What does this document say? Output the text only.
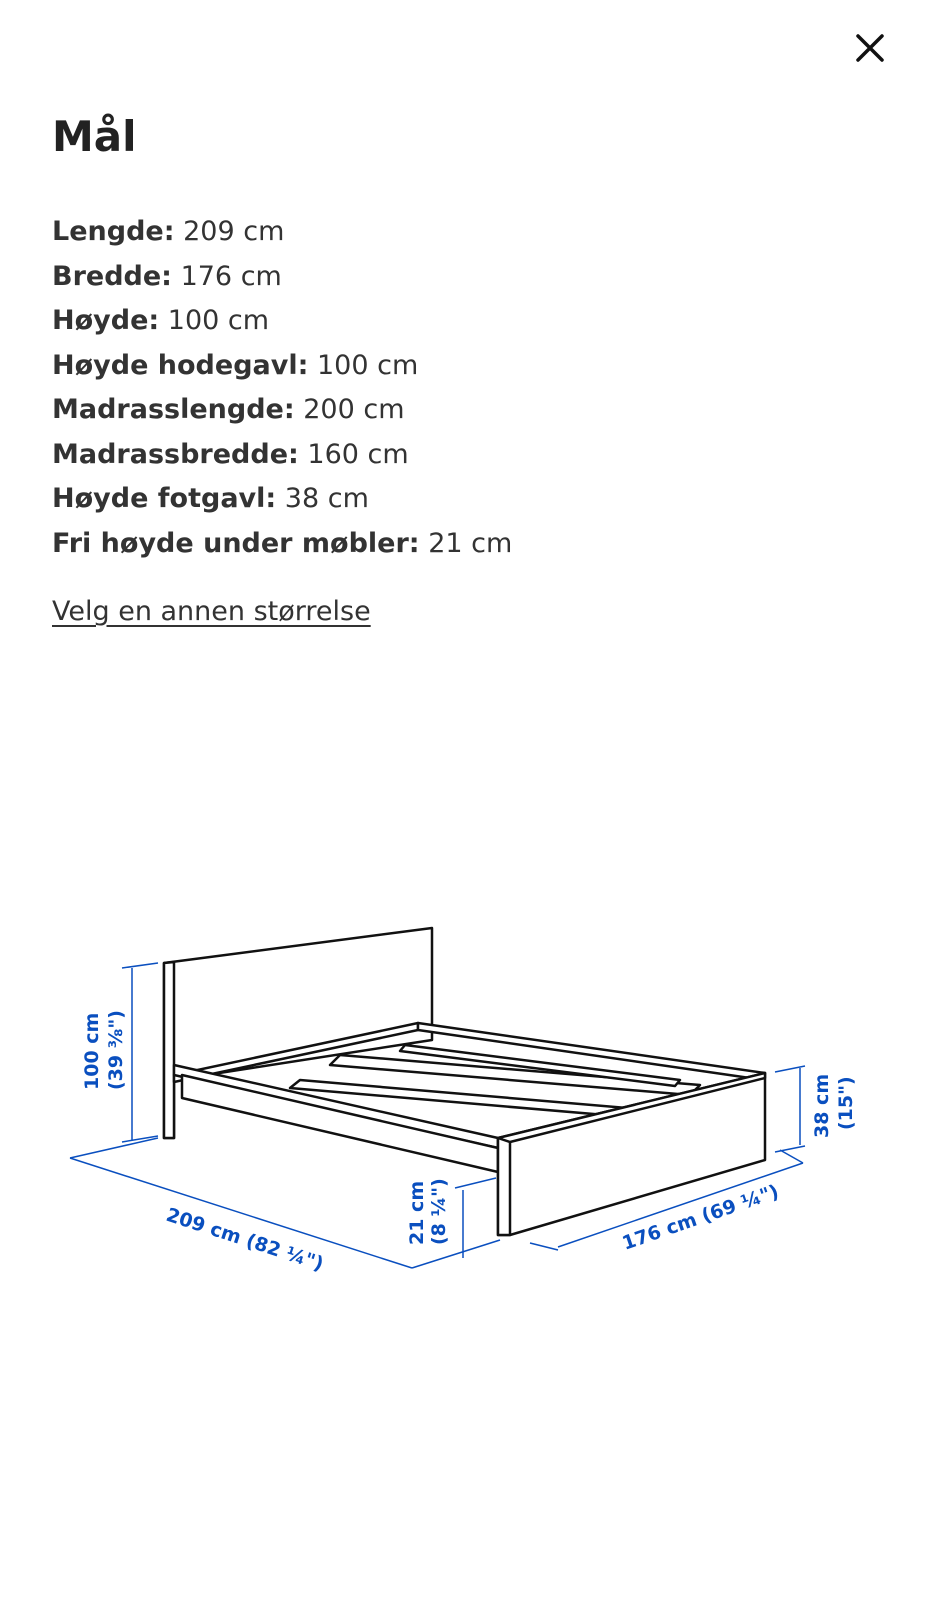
Mål
Lengde: 209 cm
Bredde: 176 cm
Høyde: 100 cm
Høyde hodegavl: 100 cm
Madrasslengde: 200 cm
Madrassbredde: 160 cm
Høyde fotgavl: 38 cm
Fri høyde under møbler: 21 cm
Velg en annen størrelse
100 cm (39 ⅜")
209 cm (82 ¼")	21 cm (8 ¼")	176 cm (69 ¼")
38 cm (15")
